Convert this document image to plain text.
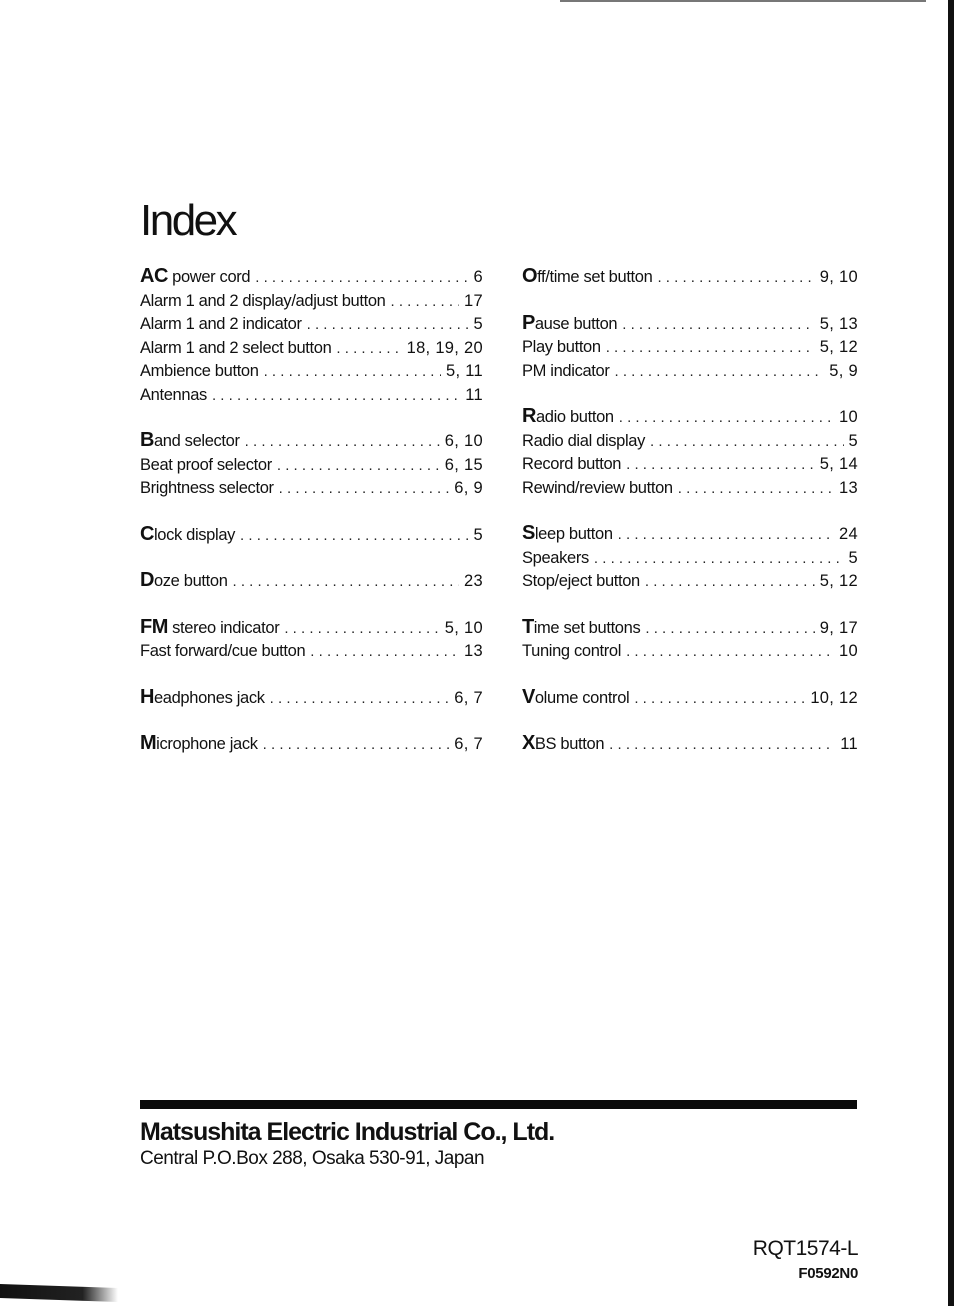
Index
AC power cord . . .	6
Alarm 1 and 2 display/adjust button . . .	17
Alarm 1 and 2 indicator . . .	5
Alarm 1 and 2 select button . . .	18, 19, 20
Ambience button . . .	5, 11
Antennas . . .	11
Band selector . . .	6, 10
Beat proof selector . . .	6, 15
Brightness selector . . .	6, 9
Clock display . . .	5
Doze button . . .	23
FM stereo indicator . . .	5, 10
Fast forward/cue button . . .	13
Headphones jack . . .	6, 7
Microphone jack . . .	6, 7
Off/time set button . . .	9, 10
Pause button . . .	5, 13
Play button . . .	5, 12
PM indicator . . .	5, 9
Radio button . . .	10
Radio dial display . . .	5
Record button . . .	5, 14
Rewind/review button . . .	13
Sleep button . . .	24
Speakers . . .	5
Stop/eject button . . .	5, 12
Time set buttons . . .	9, 17
Tuning control . . .	10
Volume control . . .	10, 12
XBS button . . .	11

Matsushita Electric Industrial Co., Ltd.

Central P.O.Box 288, Osaka 530-91, Japan

RQT1574-L
F0592N0
